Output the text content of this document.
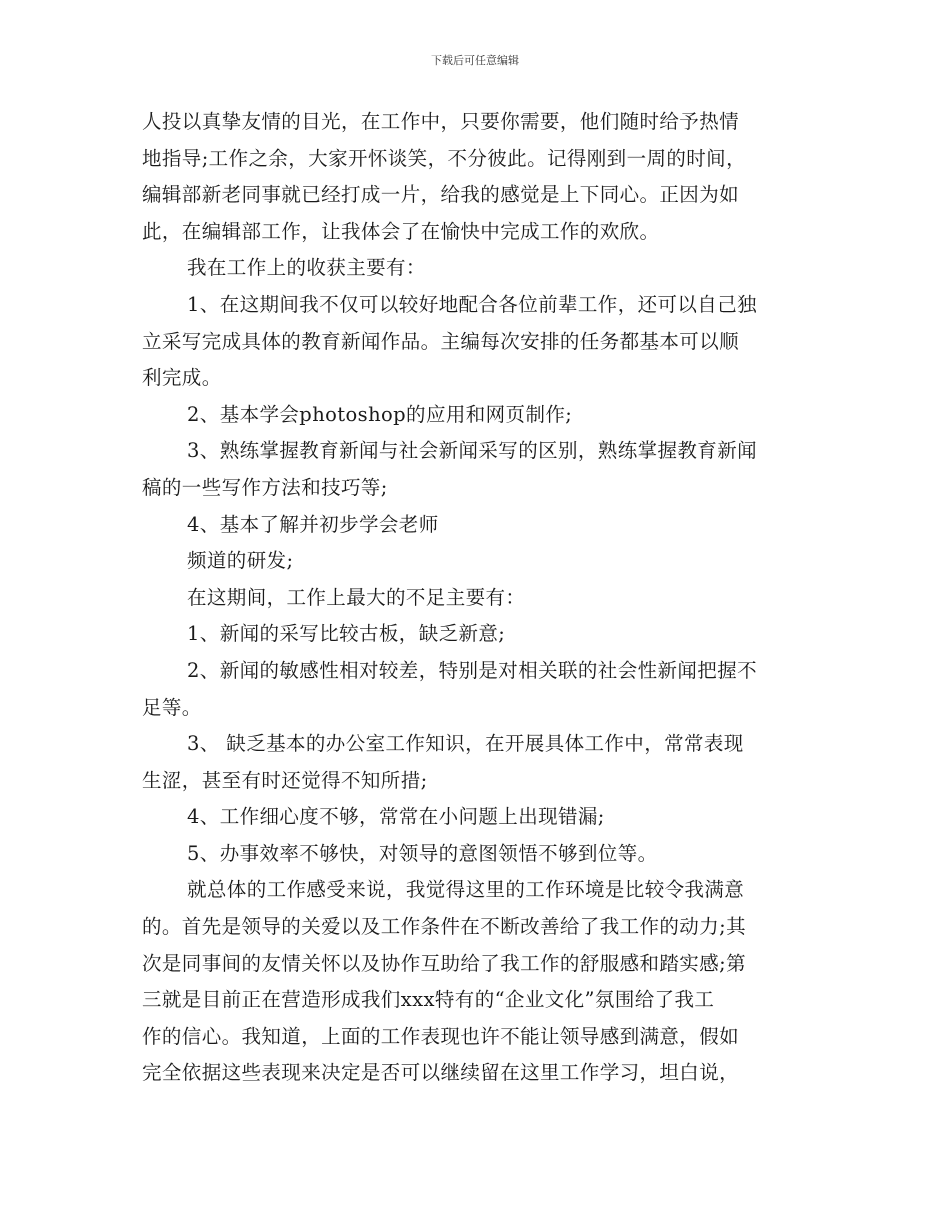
下载后可任意编辑
人投以真挚友情的目光，在工作中，只要你需要，他们随时给予热情
地指导;工作之余，大家开怀谈笑，不分彼此。记得刚到一周的时间，
编辑部新老同事就已经打成一片，给我的感觉是上下同心。正因为如
此，在编辑部工作，让我体会了在愉快中完成工作的欢欣。
我在工作上的收获主要有：
1、在这期间我不仅可以较好地配合各位前辈工作，还可以自己独
立采写完成具体的教育新闻作品。主编每次安排的任务都基本可以顺
利完成。
2、基本学会photoshop的应用和网页制作;
3、熟练掌握教育新闻与社会新闻采写的区别，熟练掌握教育新闻
稿的一些写作方法和技巧等;
4、基本了解并初步学会老师
频道的研发;
在这期间，工作上最大的不足主要有：
1、新闻的采写比较古板，缺乏新意;
2、新闻的敏感性相对较差，特别是对相关联的社会性新闻把握不
足等。
3、 缺乏基本的办公室工作知识，在开展具体工作中，常常表现
生涩，甚至有时还觉得不知所措;
4、工作细心度不够，常常在小问题上出现错漏;
5、办事效率不够快，对领导的意图领悟不够到位等。
就总体的工作感受来说，我觉得这里的工作环境是比较令我满意
的。首先是领导的关爱以及工作条件在不断改善给了我工作的动力;其
次是同事间的友情关怀以及协作互助给了我工作的舒服感和踏实感;第
三就是目前正在营造形成我们xxx特有的“企业文化”氛围给了我工
作的信心。我知道，上面的工作表现也许不能让领导感到满意，假如
完全依据这些表现来决定是否可以继续留在这里工作学习，坦白说，
